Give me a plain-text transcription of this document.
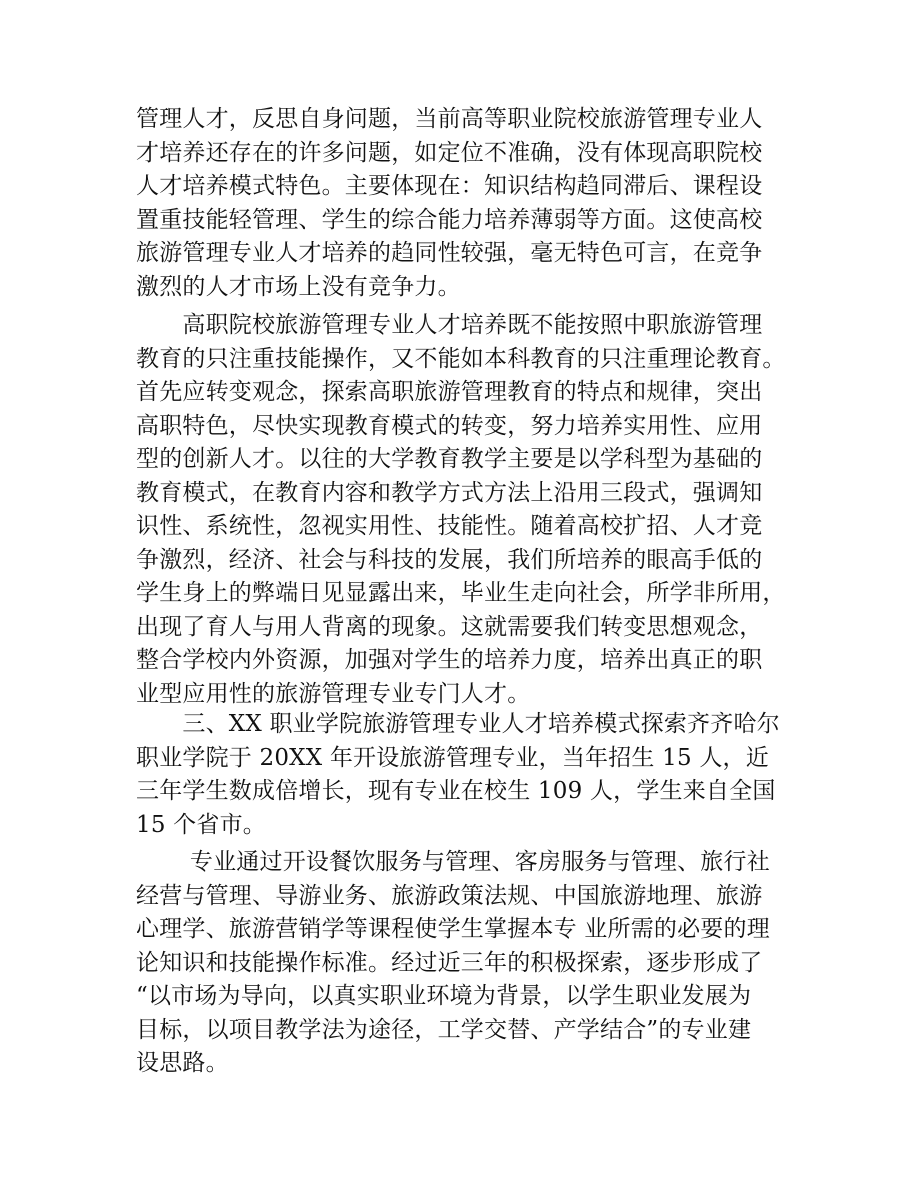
管理人才，反思自身问题，当前高等职业院校旅游管理专业人
才培养还存在的许多问题，如定位不准确，没有体现高职院校
人才培养模式特色。主要体现在：知识结构趋同滞后、课程设
置重技能轻管理、学生的综合能力培养薄弱等方面。这使高校
旅游管理专业人才培养的趋同性较强，毫无特色可言，在竞争
激烈的人才市场上没有竞争力。
　　高职院校旅游管理专业人才培养既不能按照中职旅游管理
教育的只注重技能操作，又不能如本科教育的只注重理论教育。
首先应转变观念，探索高职旅游管理教育的特点和规律，突出
高职特色，尽快实现教育模式的转变，努力培养实用性、应用
型的创新人才。以往的大学教育教学主要是以学科型为基础的
教育模式，在教育内容和教学方式方法上沿用三段式，强调知
识性、系统性，忽视实用性、技能性。随着高校扩招、人才竞
争激烈，经济、社会与科技的发展，我们所培养的眼高手低的
学生身上的弊端日见显露出来，毕业生走向社会，所学非所用，
出现了育人与用人背离的现象。这就需要我们转变思想观念，
整合学校内外资源，加强对学生的培养力度，培养出真正的职
业型应用性的旅游管理专业专门人才。
　　三、XX 职业学院旅游管理专业人才培养模式探索齐齐哈尔
职业学院于 20XX 年开设旅游管理专业，当年招生 15 人，近
三年学生数成倍增长，现有专业在校生 109 人，学生来自全国
15 个省市。
　　 专业通过开设餐饮服务与管理、客房服务与管理、旅行社
经营与管理、导游业务、旅游政策法规、中国旅游地理、旅游
心理学、旅游营销学等课程使学生掌握本专 业所需的必要的理
论知识和技能操作标准。经过近三年的积极探索，逐步形成了
“以市场为导向，以真实职业环境为背景，以学生职业发展为
目标，以项目教学法为途径，工学交替、产学结合”的专业建
设思路。
